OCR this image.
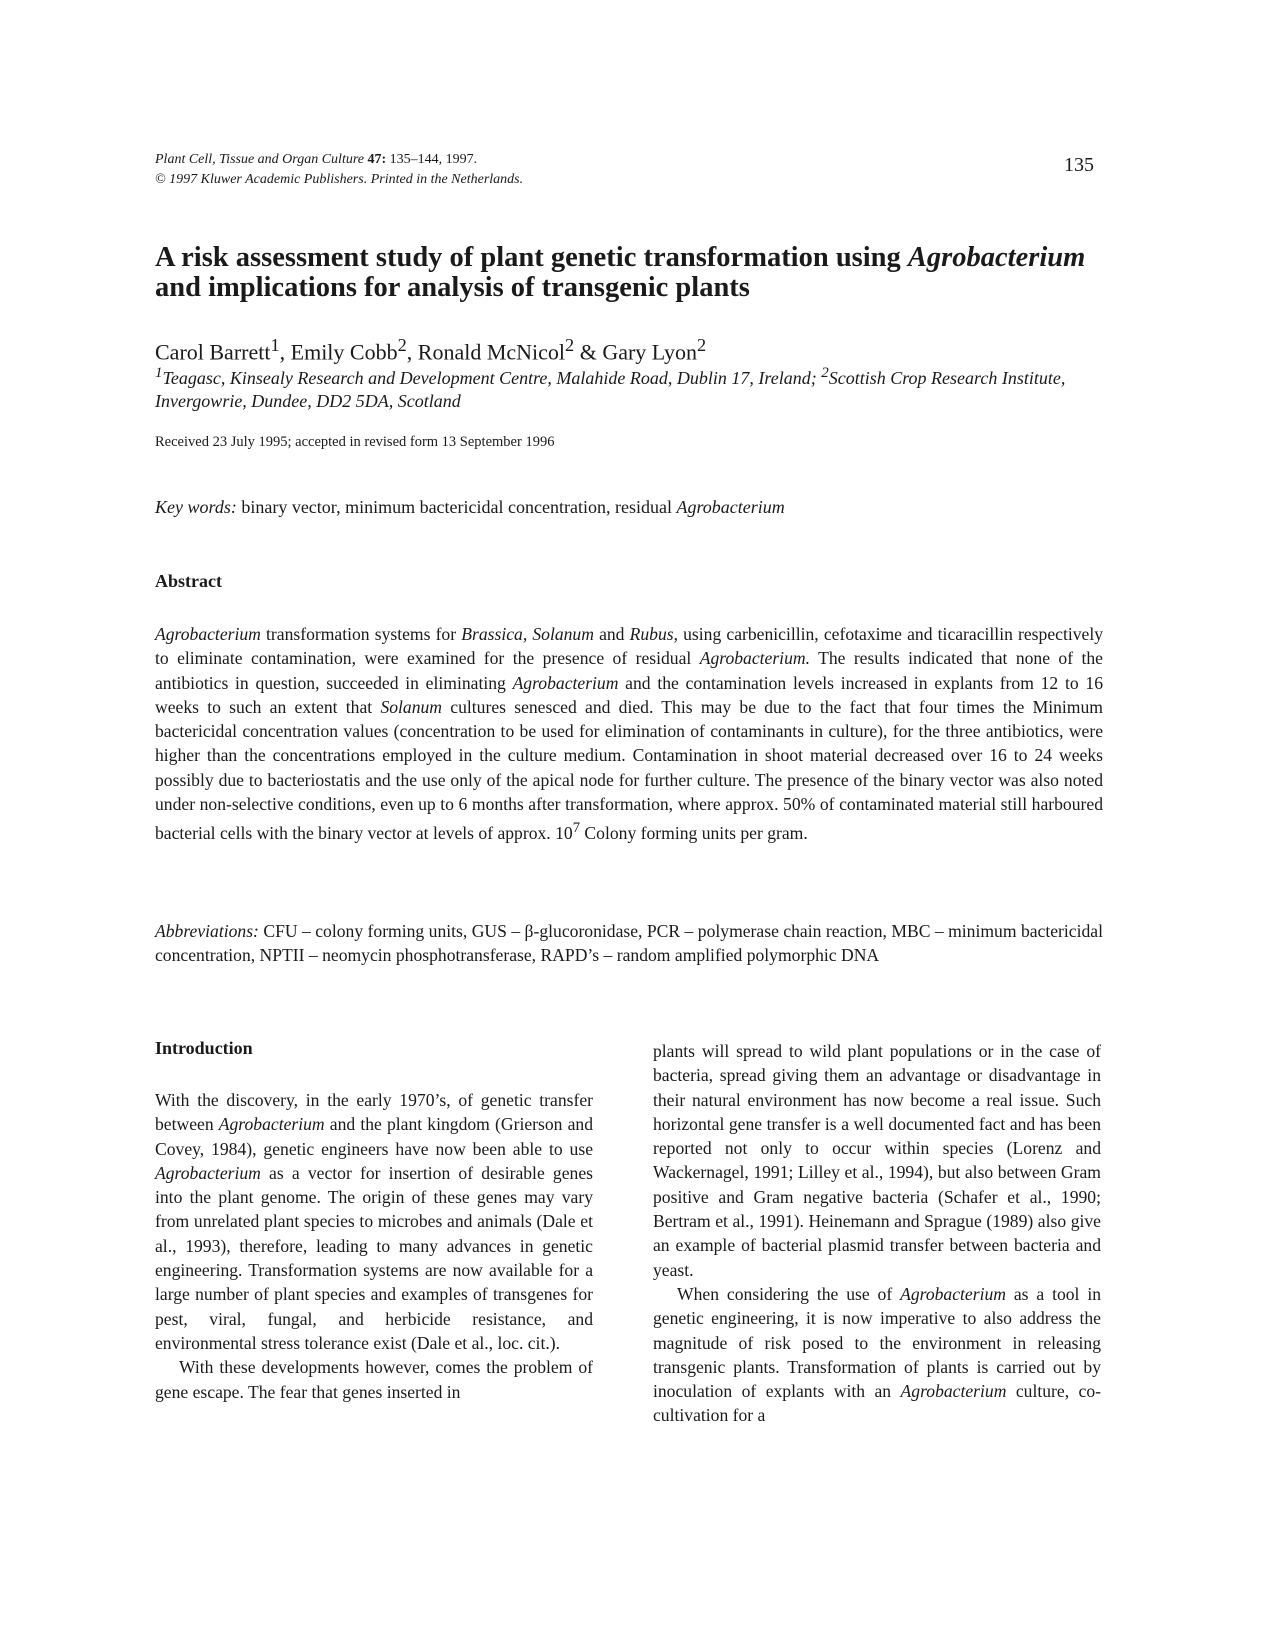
Plant Cell, Tissue and Organ Culture 47: 135–144, 1997.
© 1997 Kluwer Academic Publishers. Printed in the Netherlands.
135
A risk assessment study of plant genetic transformation using Agrobacterium
and implications for analysis of transgenic plants
Carol Barrett$^1$, Emily Cobb$^2$, Ronald McNicol$^2$ & Gary Lyon$^2$
$^1$Teagasc, Kinsealy Research and Development Centre, Malahide Road, Dublin 17, Ireland; $^2$Scottish Crop Research Institute, Invergowrie, Dundee, DD2 5DA, Scotland
Received 23 July 1995; accepted in revised form 13 September 1996
Key words: binary vector, minimum bactericidal concentration, residual Agrobacterium
Abstract
Agrobacterium transformation systems for Brassica, Solanum and Rubus, using carbenicillin, cefotaxime and ticaracillin respectively to eliminate contamination, were examined for the presence of residual Agrobacterium. The results indicated that none of the antibiotics in question, succeeded in eliminating Agrobacterium and the contamination levels increased in explants from 12 to 16 weeks to such an extent that Solanum cultures senesced and died. This may be due to the fact that four times the Minimum bactericidal concentration values (concentration to be used for elimination of contaminants in culture), for the three antibiotics, were higher than the concentrations employed in the culture medium. Contamination in shoot material decreased over 16 to 24 weeks possibly due to bacteriostatis and the use only of the apical node for further culture. The presence of the binary vector was also noted under non-selective conditions, even up to 6 months after transformation, where approx. 50% of contaminated material still harboured bacterial cells with the binary vector at levels of approx. $10^7$ Colony forming units per gram.
Abbreviations: CFU – colony forming units, GUS – β-glucoronidase, PCR – polymerase chain reaction, MBC – minimum bactericidal concentration, NPTII – neomycin phosphotransferase, RAPD’s – random amplified polymorphic DNA
Introduction

With the discovery, in the early 1970’s, of genetic transfer between Agrobacterium and the plant kingdom (Grierson and Covey, 1984), genetic engineers have now been able to use Agrobacterium as a vector for insertion of desirable genes into the plant genome. The origin of these genes may vary from unrelated plant species to microbes and animals (Dale et al., 1993), therefore, leading to many advances in genetic engineering. Transformation systems are now available for a large number of plant species and examples of transgenes for pest, viral, fungal, and herbicide resistance, and environmental stress tolerance exist (Dale et al., loc. cit.).

With these developments however, comes the problem of gene escape. The fear that genes inserted in

plants will spread to wild plant populations or in the case of bacteria, spread giving them an advantage or disadvantage in their natural environment has now become a real issue. Such horizontal gene transfer is a well documented fact and has been reported not only to occur within species (Lorenz and Wackernagel, 1991; Lilley et al., 1994), but also between Gram positive and Gram negative bacteria (Schafer et al., 1990; Bertram et al., 1991). Heinemann and Sprague (1989) also give an example of bacterial plasmid transfer between bacteria and yeast.

When considering the use of Agrobacterium as a tool in genetic engineering, it is now imperative to also address the magnitude of risk posed to the environment in releasing transgenic plants. Transformation of plants is carried out by inoculation of explants with an Agrobacterium culture, co-cultivation for a
